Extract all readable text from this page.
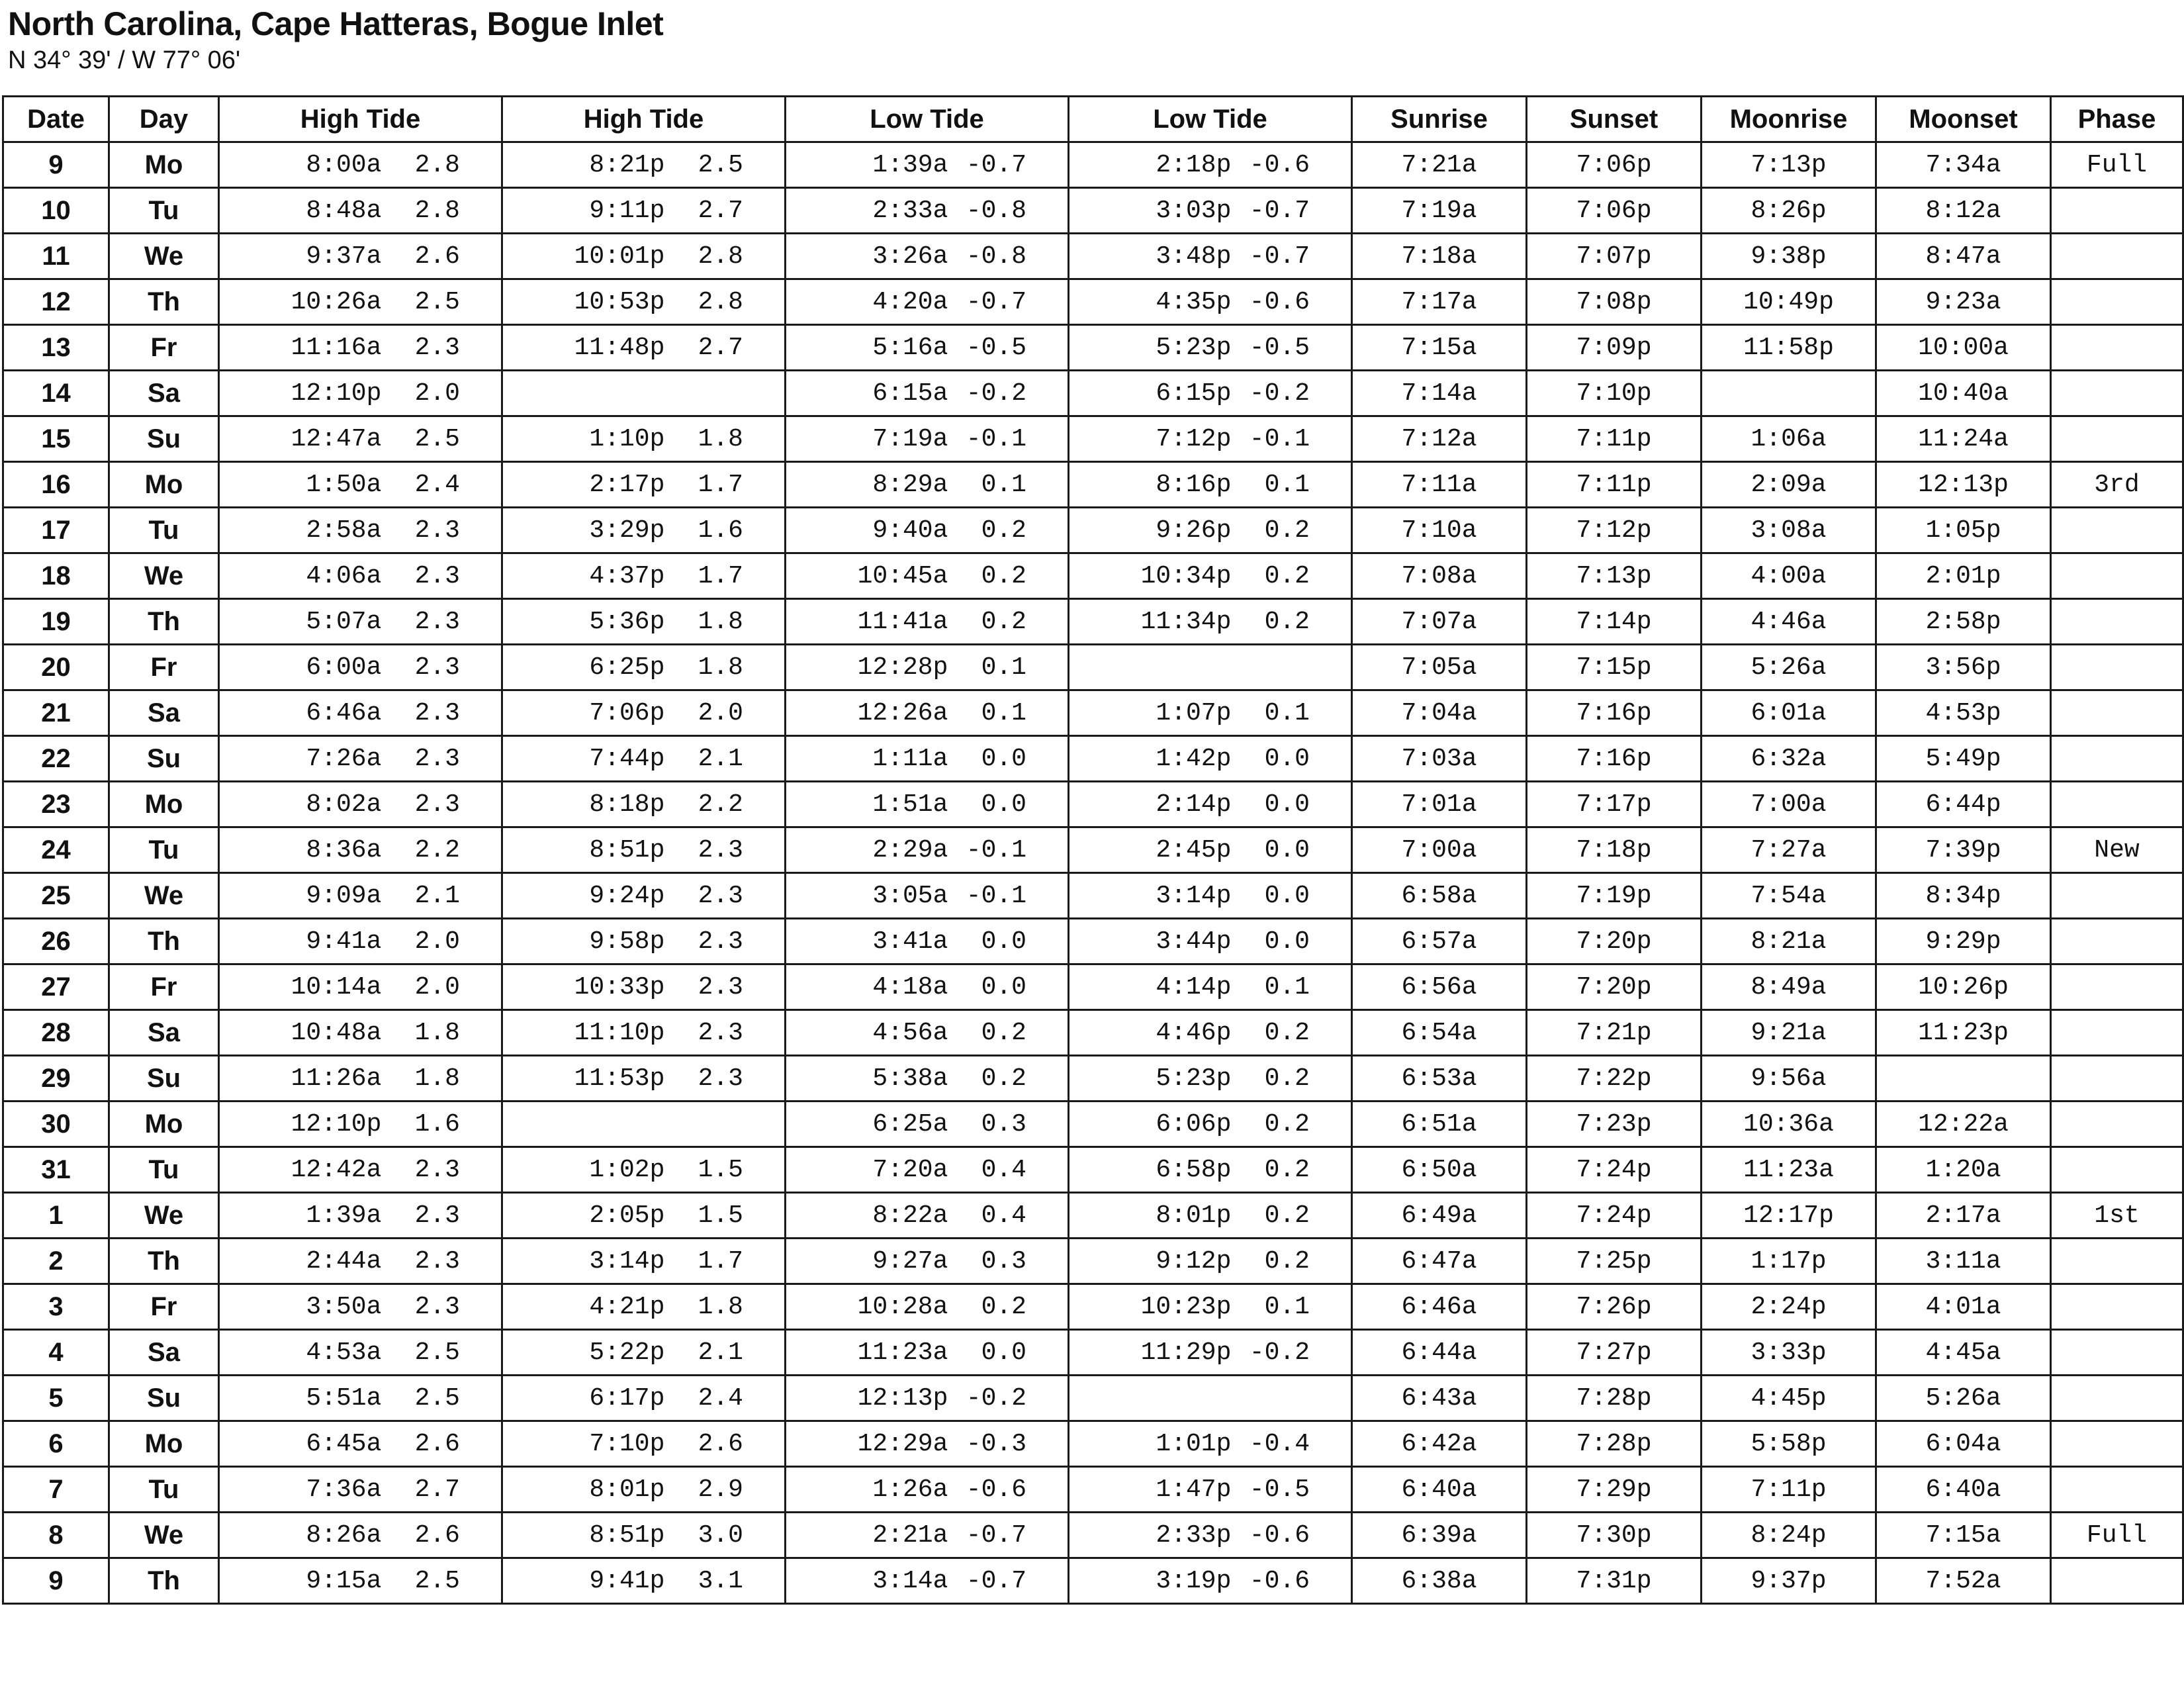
North Carolina, Cape Hatteras, Bogue Inlet
N 34° 39' / W 77° 06'
Date	Day	High Tide	High Tide	Low Tide	Low Tide	Sunrise	Sunset	Moonrise	Moonset	Phase
9	Mo	8:00a 2.8	8:21p 2.5	1:39a -0.7	2:18p -0.6	7:21a	7:06p	7:13p	7:34a	Full
10	Tu	8:48a 2.8	9:11p 2.7	2:33a -0.8	3:03p -0.7	7:19a	7:06p	8:26p	8:12a	
11	We	9:37a 2.6	10:01p 2.8	3:26a -0.8	3:48p -0.7	7:18a	7:07p	9:38p	8:47a	
12	Th	10:26a 2.5	10:53p 2.8	4:20a -0.7	4:35p -0.6	7:17a	7:08p	10:49p	9:23a	
13	Fr	11:16a 2.3	11:48p 2.7	5:16a -0.5	5:23p -0.5	7:15a	7:09p	11:58p	10:00a	
14	Sa	12:10p 2.0		6:15a -0.2	6:15p -0.2	7:14a	7:10p		10:40a	
15	Su	12:47a 2.5	1:10p 1.8	7:19a -0.1	7:12p -0.1	7:12a	7:11p	1:06a	11:24a	
16	Mo	1:50a 2.4	2:17p 1.7	8:29a 0.1	8:16p 0.1	7:11a	7:11p	2:09a	12:13p	3rd
17	Tu	2:58a 2.3	3:29p 1.6	9:40a 0.2	9:26p 0.2	7:10a	7:12p	3:08a	1:05p	
18	We	4:06a 2.3	4:37p 1.7	10:45a 0.2	10:34p 0.2	7:08a	7:13p	4:00a	2:01p	
19	Th	5:07a 2.3	5:36p 1.8	11:41a 0.2	11:34p 0.2	7:07a	7:14p	4:46a	2:58p	
20	Fr	6:00a 2.3	6:25p 1.8	12:28p 0.1		7:05a	7:15p	5:26a	3:56p	
21	Sa	6:46a 2.3	7:06p 2.0	12:26a 0.1	1:07p 0.1	7:04a	7:16p	6:01a	4:53p	
22	Su	7:26a 2.3	7:44p 2.1	1:11a 0.0	1:42p 0.0	7:03a	7:16p	6:32a	5:49p	
23	Mo	8:02a 2.3	8:18p 2.2	1:51a 0.0	2:14p 0.0	7:01a	7:17p	7:00a	6:44p	
24	Tu	8:36a 2.2	8:51p 2.3	2:29a -0.1	2:45p 0.0	7:00a	7:18p	7:27a	7:39p	New
25	We	9:09a 2.1	9:24p 2.3	3:05a -0.1	3:14p 0.0	6:58a	7:19p	7:54a	8:34p	
26	Th	9:41a 2.0	9:58p 2.3	3:41a 0.0	3:44p 0.0	6:57a	7:20p	8:21a	9:29p	
27	Fr	10:14a 2.0	10:33p 2.3	4:18a 0.0	4:14p 0.1	6:56a	7:20p	8:49a	10:26p	
28	Sa	10:48a 1.8	11:10p 2.3	4:56a 0.2	4:46p 0.2	6:54a	7:21p	9:21a	11:23p	
29	Su	11:26a 1.8	11:53p 2.3	5:38a 0.2	5:23p 0.2	6:53a	7:22p	9:56a		
30	Mo	12:10p 1.6		6:25a 0.3	6:06p 0.2	6:51a	7:23p	10:36a	12:22a	
31	Tu	12:42a 2.3	1:02p 1.5	7:20a 0.4	6:58p 0.2	6:50a	7:24p	11:23a	1:20a	
1	We	1:39a 2.3	2:05p 1.5	8:22a 0.4	8:01p 0.2	6:49a	7:24p	12:17p	2:17a	1st
2	Th	2:44a 2.3	3:14p 1.7	9:27a 0.3	9:12p 0.2	6:47a	7:25p	1:17p	3:11a	
3	Fr	3:50a 2.3	4:21p 1.8	10:28a 0.2	10:23p 0.1	6:46a	7:26p	2:24p	4:01a	
4	Sa	4:53a 2.5	5:22p 2.1	11:23a 0.0	11:29p -0.2	6:44a	7:27p	3:33p	4:45a	
5	Su	5:51a 2.5	6:17p 2.4	12:13p -0.2		6:43a	7:28p	4:45p	5:26a	
6	Mo	6:45a 2.6	7:10p 2.6	12:29a -0.3	1:01p -0.4	6:42a	7:28p	5:58p	6:04a	
7	Tu	7:36a 2.7	8:01p 2.9	1:26a -0.6	1:47p -0.5	6:40a	7:29p	7:11p	6:40a	
8	We	8:26a 2.6	8:51p 3.0	2:21a -0.7	2:33p -0.6	6:39a	7:30p	8:24p	7:15a	Full
9	Th	9:15a 2.5	9:41p 3.1	3:14a -0.7	3:19p -0.6	6:38a	7:31p	9:37p	7:52a	
